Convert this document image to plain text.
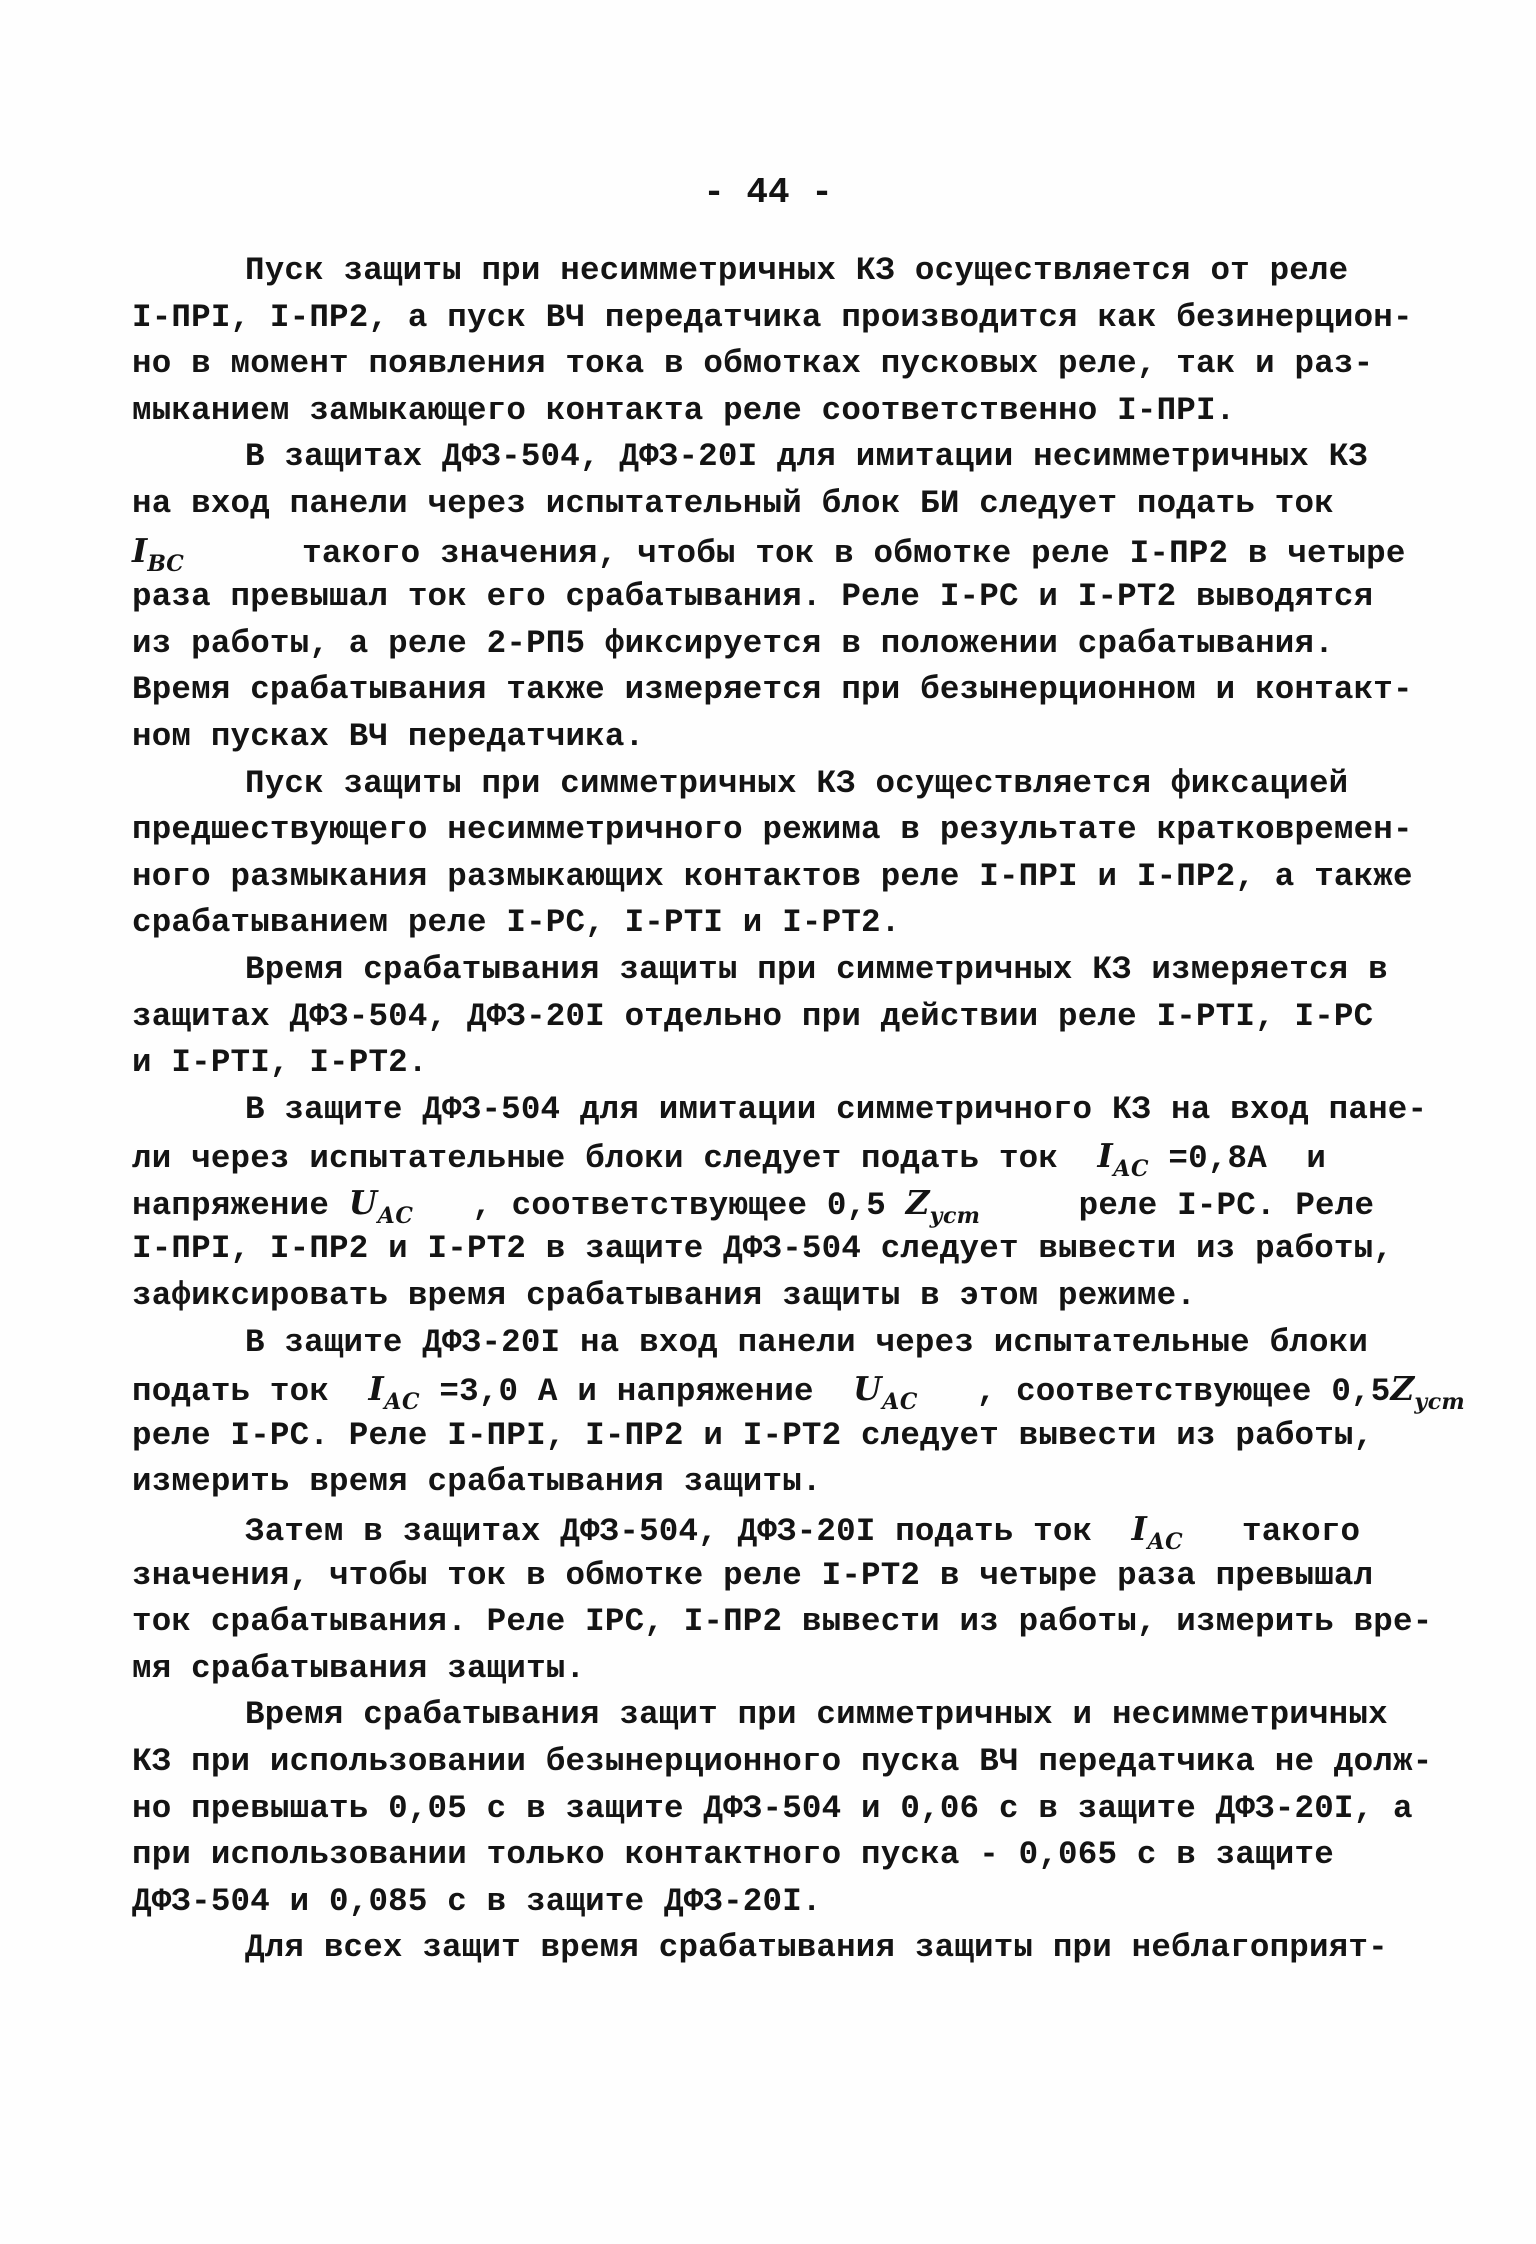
- 44 -
Пуск защиты при несимметричных КЗ осуществляется от реле
I-ПРI, I-ПР2, а пуск ВЧ передатчика производится как безинерцион-
но в момент появления тока в обмотках пусковых реле, так и раз-
мыканием замыкающего контакта реле соответственно I-ПРI.
В защитах ДФЗ-504, ДФЗ-20I для имитации несимметричных КЗ
на вход панели через испытательный блок БИ следует подать ток
$I_{ВС}$      такого значения, чтобы ток в обмотке реле I-ПР2 в четыре
раза превышал ток его срабатывания. Реле I-РС и I-РТ2 выводятся
из работы, а реле 2-РП5 фиксируется в положении срабатывания.
Время срабатывания также измеряется при безынерционном и контакт-
ном пусках ВЧ передатчика.
Пуск защиты при симметричных КЗ осуществляется фиксацией
предшествующего несимметричного режима в результате кратковремен-
ного размыкания размыкающих контактов реле I-ПРI и I-ПР2, а также
срабатыванием реле I-РС, I-РТI и I-РТ2.
Время срабатывания защиты при симметричных КЗ измеряется в
защитах ДФЗ-504, ДФЗ-20I отдельно при действии реле I-РТI, I-РС
и I-РТI, I-РТ2.
В защите ДФЗ-504 для имитации симметричного КЗ на вход пане-
ли через испытательные блоки следует подать ток  $I_{АС} =0,8А$  и
напряжение $U_{АС}$   , соответствующее 0,5 $Z_{уст}$     реле I-РС. Реле
I-ПРI, I-ПР2 и I-РТ2 в защите ДФЗ-504 следует вывести из работы,
зафиксировать время срабатывания защиты в этом режиме.
В защите ДФЗ-20I на вход панели через испытательные блоки
подать ток  $I_{АС} =3,0$ А и напряжение  $U_{АС}$   , соответствующее $0,5Z_{уст}$
реле I-РС. Реле I-ПРI, I-ПР2 и I-РТ2 следует вывести из работы,
измерить время срабатывания защиты.
Затем в защитах ДФЗ-504, ДФЗ-20I подать ток  $I_{АС}$   такого
значения, чтобы ток в обмотке реле I-РТ2 в четыре раза превышал
ток срабатывания. Реле IРС, I-ПР2 вывести из работы, измерить вре-
мя срабатывания защиты.
Время срабатывания защит при симметричных и несимметричных
КЗ при использовании безынерционного пуска ВЧ передатчика не долж-
но превышать 0,05 с в защите ДФЗ-504 и 0,06 с в защите ДФЗ-20I, а
при использовании только контактного пуска - 0,065 с в защите
ДФЗ-504 и 0,085 с в защите ДФЗ-20I.
Для всех защит время срабатывания защиты при неблагоприят-
